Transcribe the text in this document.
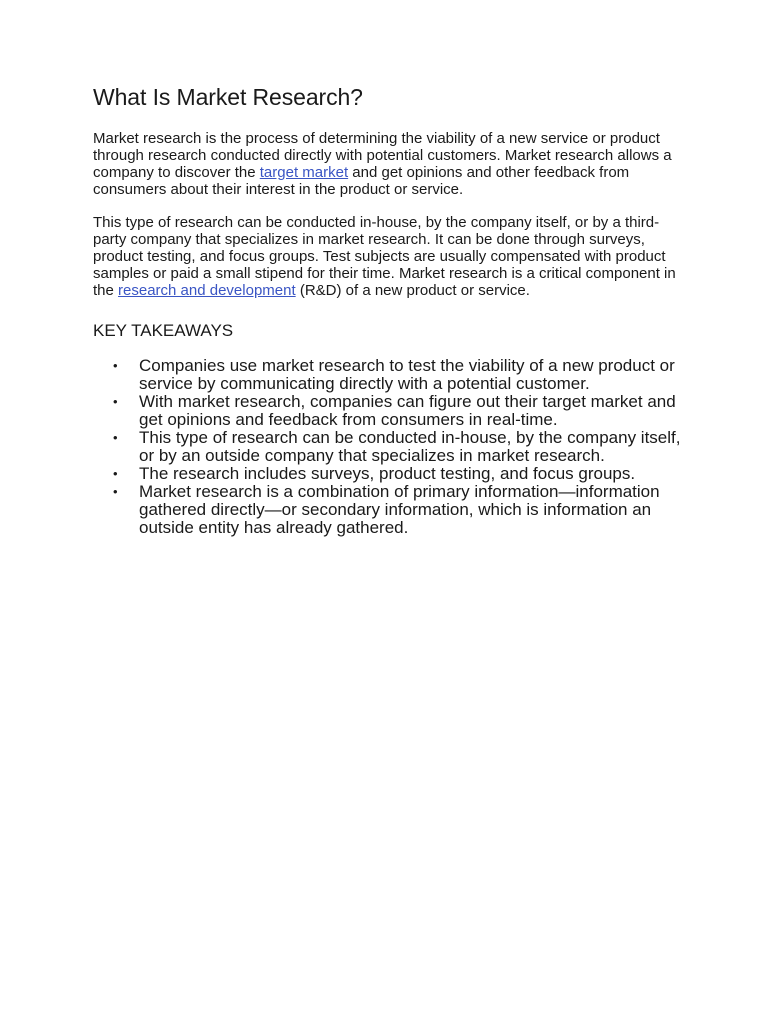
What Is Market Research?

Market research is the process of determining the viability of a new service or product through research conducted directly with potential customers. Market research allows a company to discover the target market and get opinions and other feedback from consumers about their interest in the product or service.

This type of research can be conducted in-house, by the company itself, or by a third-party company that specializes in market research. It can be done through surveys, product testing, and focus groups. Test subjects are usually compensated with product samples or paid a small stipend for their time. Market research is a critical component in the research and development (R&D) of a new product or service.

KEY TAKEAWAYS
• Companies use market research to test the viability of a new product or service by communicating directly with a potential customer.
• With market research, companies can figure out their target market and get opinions and feedback from consumers in real-time.
• This type of research can be conducted in-house, by the company itself, or by an outside company that specializes in market research.
• The research includes surveys, product testing, and focus groups.
• Market research is a combination of primary information—information gathered directly—or secondary information, which is information an outside entity has already gathered.
